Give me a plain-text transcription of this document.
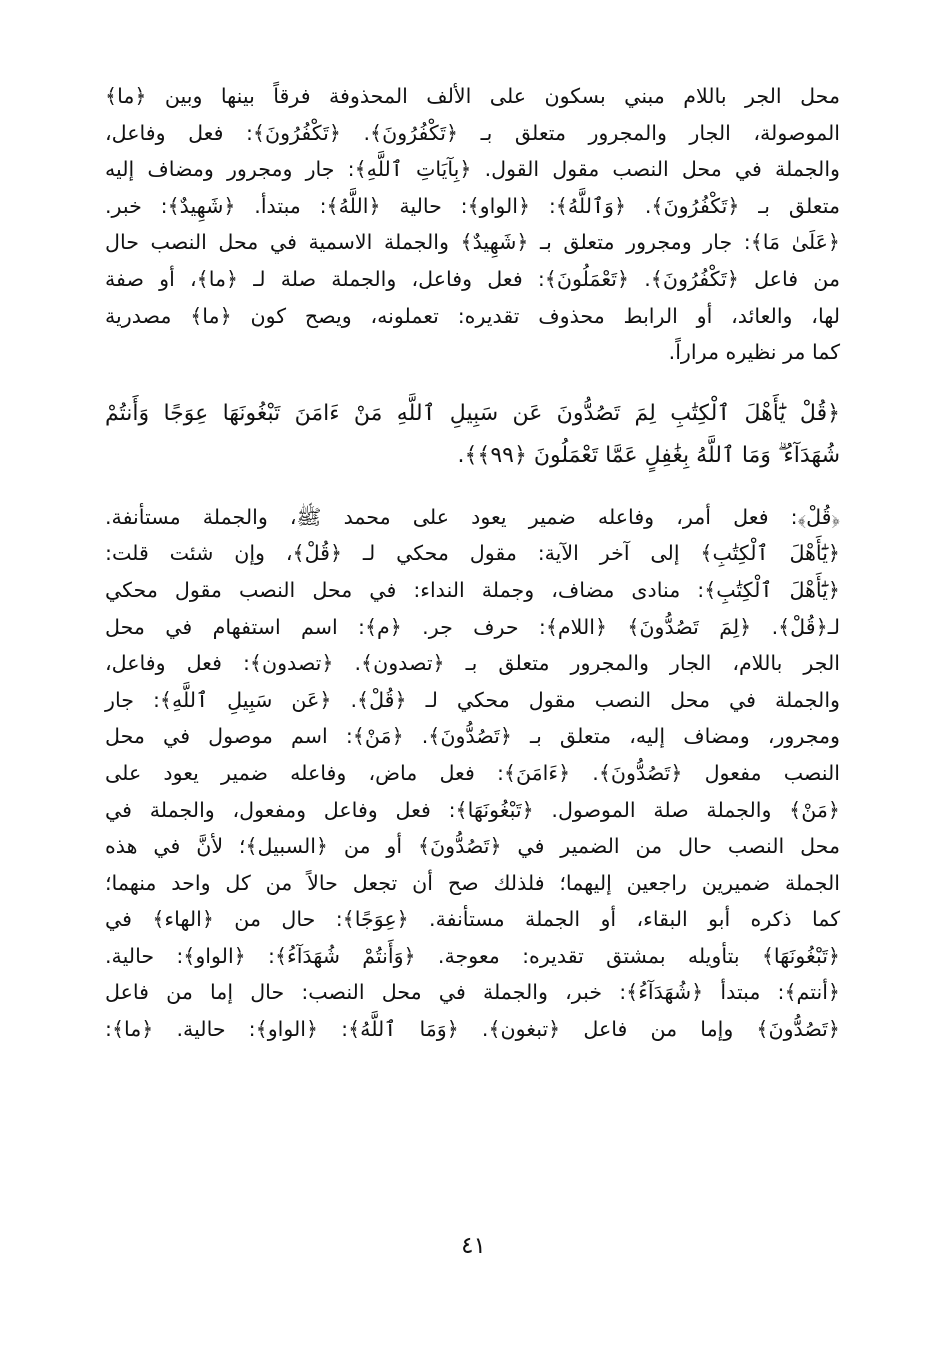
محل الجر باللام مبني بسكون على الألف المحذوفة فرقاً بينها وبين ﴿ما﴾
الموصولة، الجار والمجرور متعلق بـ ﴿تَكْفُرُونَ﴾. ﴿تَكْفُرُونَ﴾: فعل وفاعل،
والجملة في محل النصب مقول القول. ﴿بِآيَاتِ ٱللَّهِ﴾: جار ومجرور ومضاف إليه
متعلق بـ ﴿تَكْفُرُونَ﴾. ﴿وَٱللَّهُ﴾: ﴿الواو﴾: حالية ﴿اللَّهُ﴾: مبتدأ. ﴿شَهِيدٌ﴾: خبر.
﴿عَلَىٰ مَا﴾: جار ومجرور متعلق بـ ﴿شَهِيدٌ﴾ والجملة الاسمية في محل النصب حال
من فاعل ﴿تَكْفُرُونَ﴾. ﴿تَعْمَلُونَ﴾: فعل وفاعل، والجملة صلة لـ ﴿ما﴾، أو صفة
لها، والعائد، أو الرابط محذوف تقديره: تعملونه، ويصح كون ﴿ما﴾ مصدرية
كما مر نظيره مراراً.
﴿قُلْ يَٰٓأَهْلَ ٱلْكِتَٰبِ لِمَ تَصُدُّونَ عَن سَبِيلِ ٱللَّهِ مَنْ ءَامَنَ تَبْغُونَهَا عِوَجًا وَأَنتُمْ
شُهَدَآءُ ۗ وَمَا ٱللَّهُ بِغَٰفِلٍ عَمَّا تَعْمَلُونَ ﴿٩٩﴾﴾.
﴿قُلْ﴾: فعل أمر، وفاعله ضمير يعود على محمد ﷺ، والجملة مستأنفة.
﴿يَٰٓأَهْلَ ٱلْكِتَٰبِ﴾ إلى آخر الآية: مقول محكي لـ ﴿قُلْ﴾، وإن شئت قلت:
﴿يَٰٓأَهْلَ ٱلْكِتَٰبِ﴾: منادى مضاف، وجملة النداء: في محل النصب مقول محكي
لـ﴿قُلْ﴾. ﴿لِمَ تَصُدُّونَ﴾ ﴿اللام﴾: حرف جر. ﴿م﴾: اسم استفهام في محل
الجر باللام، الجار والمجرور متعلق بـ ﴿تصدون﴾. ﴿تصدون﴾: فعل وفاعل،
والجملة في محل النصب مقول محكي لـ ﴿قُلْ﴾. ﴿عَن سَبِيلِ ٱللَّهِ﴾: جار
ومجرور، ومضاف إليه، متعلق بـ ﴿تَصُدُّونَ﴾. ﴿مَنْ﴾: اسم موصول في محل
النصب مفعول ﴿تَصُدُّونَ﴾. ﴿ءَامَنَ﴾: فعل ماض، وفاعله ضمير يعود على
﴿مَنْ﴾ والجملة صلة الموصول. ﴿تَبْغُونَهَا﴾: فعل وفاعل ومفعول، والجملة في
محل النصب حال من الضمير في ﴿تَصُدُّونَ﴾ أو من ﴿السبيل﴾؛ لأنَّ في هذه
الجملة ضميرين راجعين إليهما؛ فلذلك صح أن تجعل حالاً من كل واحد منهما؛
كما ذكره أبو البقاء، أو الجملة مستأنفة. ﴿عِوَجًا﴾: حال من ﴿الهاء﴾ في
﴿تَبْغُونَهَا﴾ بتأويله بمشتق تقديره: معوجة. ﴿وَأَنتُمْ شُهَدَآءُ﴾: ﴿الواو﴾: حالية.
﴿أنتم﴾: مبتدأ ﴿شُهَدَآءُ﴾: خبر، والجملة في محل النصب: حال إما من فاعل
﴿تَصُدُّونَ﴾ وإما من فاعل ﴿تبغون﴾. ﴿وَمَا ٱللَّهُ﴾: ﴿الواو﴾: حالية. ﴿ما﴾:
٤١
